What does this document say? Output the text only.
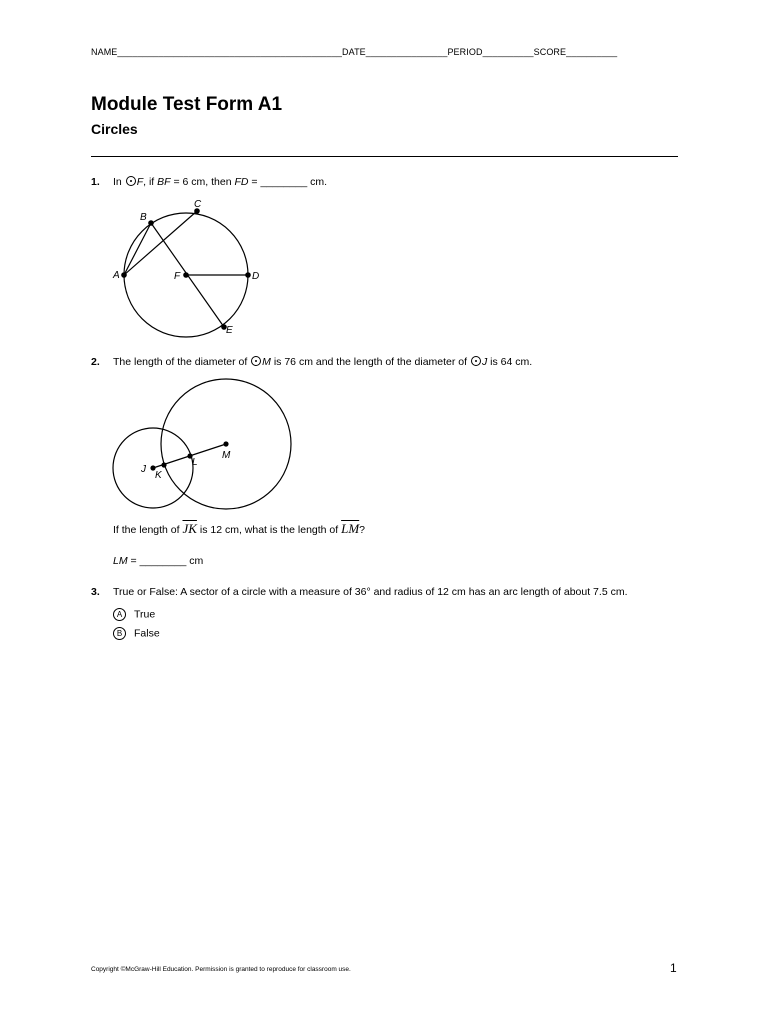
NAME____________________________________________DATE________________PERIOD__________SCORE__________
Module Test Form A1
Circles
1. In F, if BF = 6 cm, then FD = ________ cm.
A
B
C
D
E
F
2. The length of the diameter of M is 76 cm and the length of the diameter of J is 64 cm.
J
K
L
M
If the length of $\overline{JK}$ is 12 cm, what is the length of $\overline{LM}$?
LM = ________ cm
3. True or False: A sector of a circle with a measure of 36° and radius of 12 cm has an arc length of about 7.5 cm.
A True
B False
Copyright ©McGraw-Hill Education. Permission is granted to reproduce for classroom use.	1
